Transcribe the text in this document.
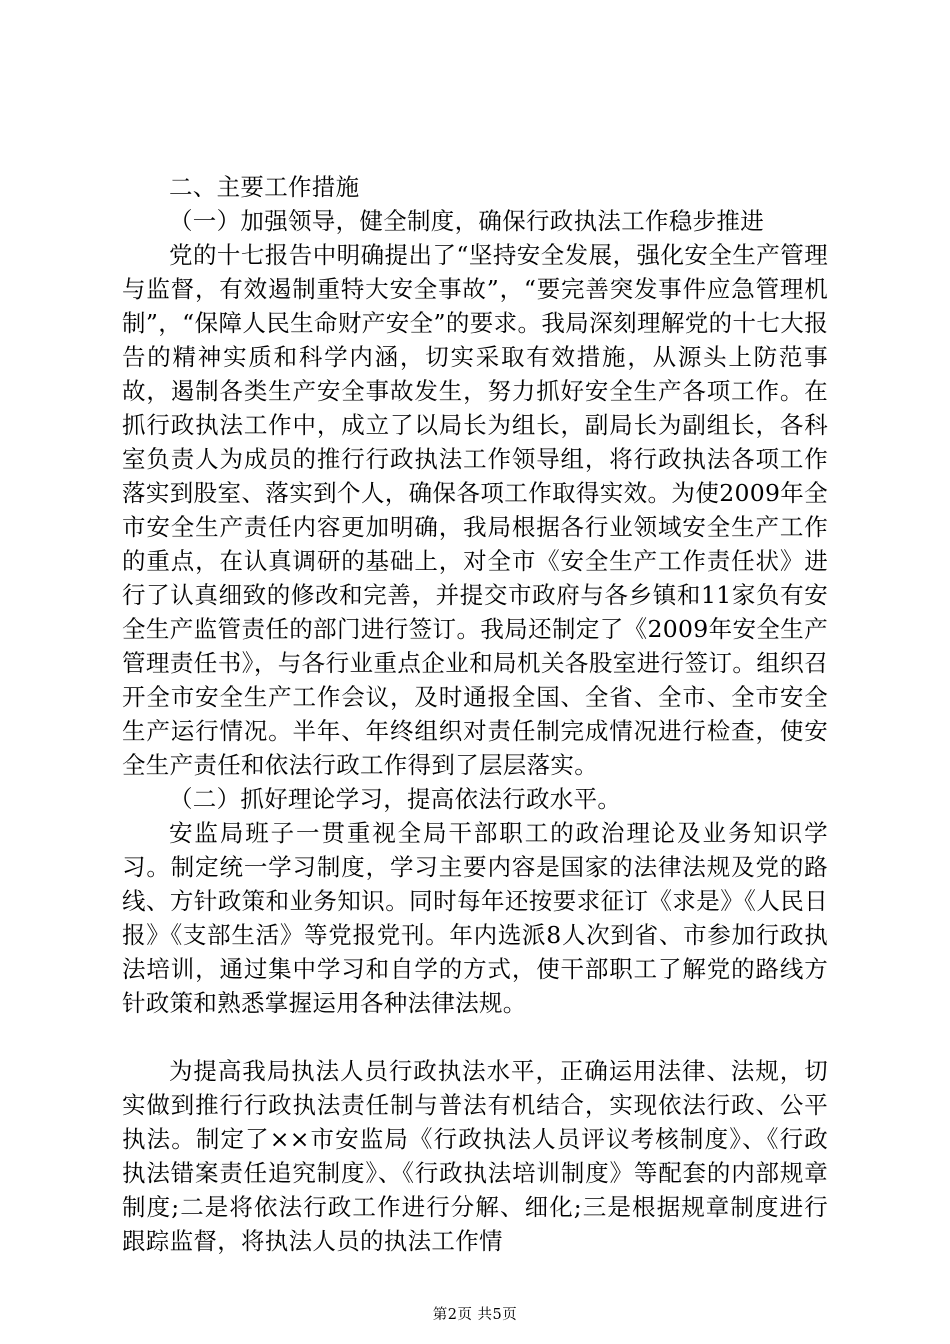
二、主要工作措施

（一）加强领导，健全制度，确保行政执法工作稳步推进

党的十七报告中明确提出了“坚持安全发展，强化安全生产管理与监督，有效遏制重特大安全事故”，“要完善突发事件应急管理机制”，“保障人民生命财产安全”的要求。我局深刻理解党的十七大报告的精神实质和科学内涵，切实采取有效措施，从源头上防范事故，遏制各类生产安全事故发生，努力抓好安全生产各项工作。在抓行政执法工作中，成立了以局长为组长，副局长为副组长，各科室负责人为成员的推行行政执法工作领导组，将行政执法各项工作落实到股室、落实到个人，确保各项工作取得实效。为使2009年全市安全生产责任内容更加明确，我局根据各行业领域安全生产工作的重点，在认真调研的基础上，对全市《安全生产工作责任状》进行了认真细致的修改和完善，并提交市政府与各乡镇和11家负有安全生产监管责任的部门进行签订。我局还制定了《2009年安全生产管理责任书》，与各行业重点企业和局机关各股室进行签订。组织召开全市安全生产工作会议，及时通报全国、全省、全市、全市安全生产运行情况。半年、年终组织对责任制完成情况进行检查，使安全生产责任和依法行政工作得到了层层落实。

（二）抓好理论学习，提高依法行政水平。

安监局班子一贯重视全局干部职工的政治理论及业务知识学习。制定统一学习制度，学习主要内容是国家的法律法规及党的路线、方针政策和业务知识。同时每年还按要求征订《求是》《人民日报》《支部生活》等党报党刊。年内选派8人次到省、市参加行政执法培训，通过集中学习和自学的方式，使干部职工了解党的路线方针政策和熟悉掌握运用各种法律法规。

为提高我局执法人员行政执法水平，正确运用法律、法规，切实做到推行行政执法责任制与普法有机结合，实现依法行政、公平执法。制定了××市安监局《行政执法人员评议考核制度》、《行政执法错案责任追究制度》、《行政执法培训制度》等配套的内部规章制度;二是将依法行政工作进行分解、细化;三是根据规章制度进行跟踪监督，将执法人员的执法工作情

第2页 共5页
